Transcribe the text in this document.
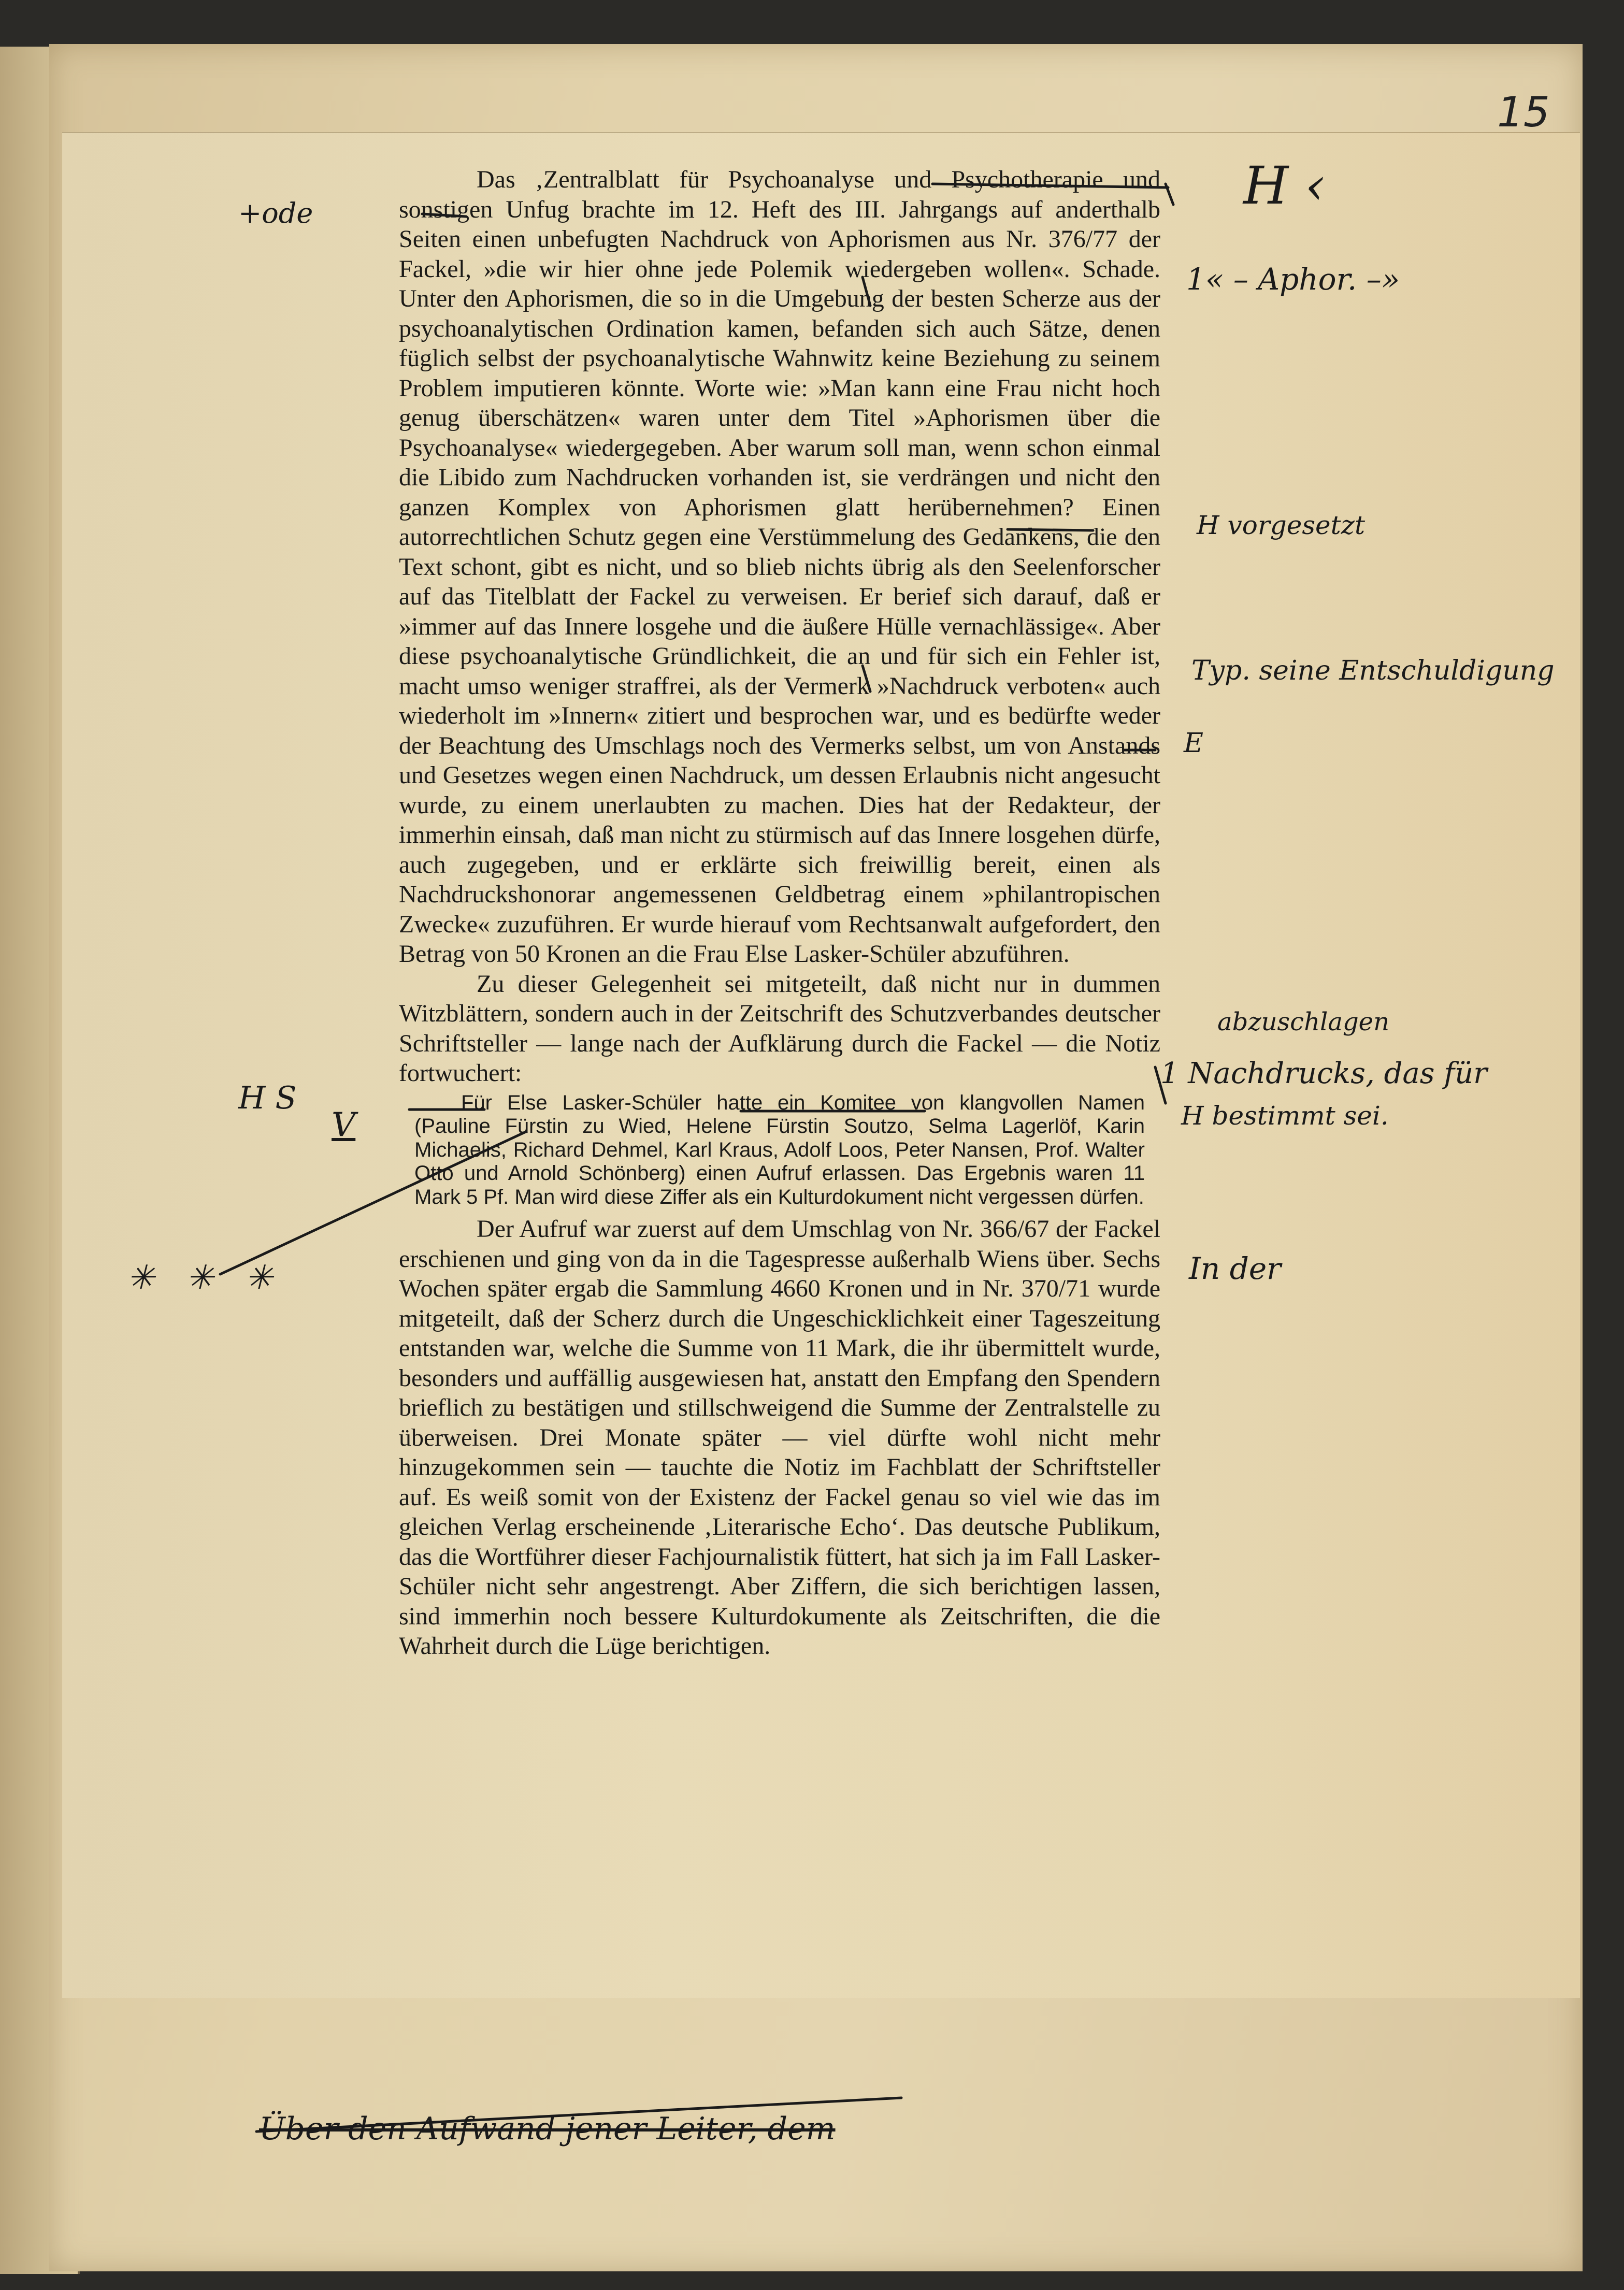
15

Das ‚Zentralblatt für Psychoanalyse und Psychotherapie und sonstigen Unfug brachte im 12. Heft des III. Jahrgangs auf anderthalb Seiten einen unbefugten Nachdruck von Aphorismen aus Nr. 376/77 der Fackel, »die wir hier ohne jede Polemik wiedergeben wollen«. Schade. Unter den Aphorismen, die so in die Umgebung der besten Scherze aus der psychoanalytischen Ordination kamen, befanden sich auch Sätze, denen füglich selbst der psychoanalytische Wahnwitz keine Beziehung zu seinem Problem imputieren könnte. Worte wie: »Man kann eine Frau nicht hoch genug überschätzen« waren unter dem Titel »Aphorismen über die Psychoanalyse« wiedergegeben. Aber warum soll man, wenn schon einmal die Libido zum Nachdrucken vorhanden ist, sie verdrängen und nicht den ganzen Komplex von Aphorismen glatt herübernehmen? Einen autorrechtlichen Schutz gegen eine Verstümmelung des Gedankens, die den Text schont, gibt es nicht, und so blieb nichts übrig als den Seelenforscher auf das Titelblatt der Fackel zu verweisen. Er berief sich darauf, daß er »immer auf das Innere losgehe und die äußere Hülle vernachlässige«. Aber diese psychoanalytische Gründlichkeit, die an und für sich ein Fehler ist, macht umso weniger straffrei, als der Vermerk »Nachdruck verboten« auch wiederholt im »Innern« zitiert und besprochen war, und es bedürfte weder der Beachtung des Umschlags noch des Vermerks selbst, um von Anstands und Gesetzes wegen einen Nachdruck, um dessen Erlaubnis nicht angesucht wurde, zu einem unerlaubten zu machen. Dies hat der Redakteur, der immerhin einsah, daß man nicht zu stürmisch auf das Innere losgehen dürfe, auch zugegeben, und er erklärte sich freiwillig bereit, einen als Nachdruckshonorar angemessenen Geldbetrag einem »philantropischen Zwecke« zuzuführen. Er wurde hierauf vom Rechtsanwalt aufgefordert, den Betrag von 50 Kronen an die Frau Else Lasker-Schüler abzuführen.

Zu dieser Gelegenheit sei mitgeteilt, daß nicht nur in dummen Witzblättern, sondern auch in der Zeitschrift des Schutzverbandes deutscher Schriftsteller — lange nach der Aufklärung durch die Fackel — die Notiz fortwuchert:

Für Else Lasker-Schüler hatte ein Komitee von klangvollen Namen (Pauline Fürstin zu Wied, Helene Fürstin Soutzo, Selma Lagerlöf, Karin Michaelis, Richard Dehmel, Karl Kraus, Adolf Loos, Peter Nansen, Prof. Walter Otto und Arnold Schönberg) einen Aufruf erlassen. Das Ergebnis waren 11 Mark 5 Pf. Man wird diese Ziffer als ein Kulturdokument nicht vergessen dürfen.

Der Aufruf war zuerst auf dem Umschlag von Nr. 366/67 der Fackel erschienen und ging von da in die Tagespresse außerhalb Wiens über. Sechs Wochen später ergab die Sammlung 4660 Kronen und in Nr. 370/71 wurde mitgeteilt, daß der Scherz durch die Ungeschicklichkeit einer Tageszeitung entstanden war, welche die Summe von 11 Mark, die ihr übermittelt wurde, besonders und auffällig ausgewiesen hat, anstatt den Empfang den Spendern brieflich zu bestätigen und stillschweigend die Summe der Zentralstelle zu überweisen. Drei Monate später — viel dürfte wohl nicht mehr hinzugekommen sein — tauchte die Notiz im Fachblatt der Schriftsteller auf. Es weiß somit von der Existenz der Fackel genau so viel wie das im gleichen Verlag erscheinende ‚Literarische Echo‘. Das deutsche Publikum, das die Wortführer dieser Fachjournalistik füttert, hat sich ja im Fall Lasker-Schüler nicht sehr angestrengt. Aber Ziffern, die sich berichtigen lassen, sind immerhin noch bessere Kulturdokumente als Zeitschriften, die die Wahrheit durch die Lüge berichtigen.

+ode	H ‹
1« – Aphor. –»
H vorgesetzt
Typ. seine Entschuldigung
E
abzuschlagen
1 Nachdrucks, das für
H bestimmt sei.
In der
H S
V
✳ ✳ ✳
Über den Aufwand jener Leiter, dem
